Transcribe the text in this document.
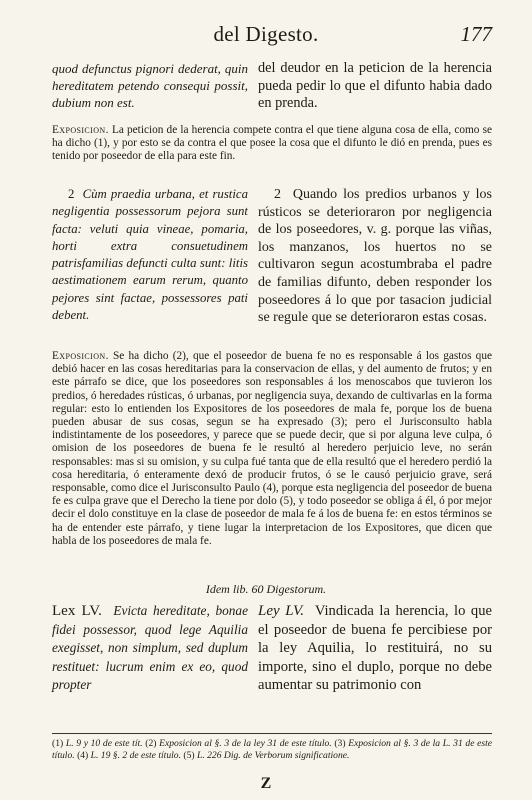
del Digesto.	177

quod defunctus pignori dederat, quin hereditatem petendo consequi possit, dubium non est.

del deudor en la peticion de la herencia pueda pedir lo que el difunto habia dado en prenda.

Exposicion. La peticion de la herencia compete contra el que tiene alguna cosa de ella, como se ha dicho (1), y por esto se da contra el que posee la cosa que el difunto le dió en prenda, pues es tenido por poseedor de ella para este fin.

2 Cùm praedia urbana, et rustica negligentia possessorum pejora sunt facta: veluti quia vineae, pomaria, horti extra consuetudinem patrisfamilias defuncti culta sunt: litis aestimationem earum rerum, quanto pejores sint factae, possessores pati debent.

2 Quando los predios urbanos y los rústicos se deterioraron por negligencia de los poseedores, v. g. porque las viñas, los manzanos, los huertos no se cultivaron segun acostumbraba el padre de familias difunto, deben responder los poseedores á lo que por tasacion judicial se regule que se deterioraron estas cosas.

Exposicion. Se ha dicho (2), que el poseedor de buena fe no es responsable á los gastos que debió hacer en las cosas hereditarias para la conservacion de ellas, y del aumento de frutos; y en este párrafo se dice, que los poseedores son responsables á los menoscabos que tuvieron los predios, ó heredades rústicas, ó urbanas, por negligencia suya, dexando de cultivarlas en la forma regular: esto lo entienden los Expositores de los poseedores de mala fe, porque los de buena pueden abusar de sus cosas, segun se ha expresado (3); pero el Jurisconsulto habla indistintamente de los poseedores, y parece que se puede decir, que si por alguna leve culpa, ó omision de los poseedores de buena fe le resultó al heredero perjuicio leve, no serán responsables: mas si su omision, y su culpa fué tanta que de ella resultó que el heredero perdió la cosa hereditaria, ó enteramente dexó de producir frutos, ó se le causó perjuicio grave, será responsable, como dice el Jurisconsulto Paulo (4), porque esta negligencia del poseedor de buena fe es culpa grave que el Derecho la tiene por dolo (5), y todo poseedor se obliga á él, ó por mejor decir el dolo constituye en la clase de poseedor de mala fe á los de buena fe: en estos términos se ha de entender este párrafo, y tiene lugar la interpretacion de los Expositores, que dicen que habla de los poseedores de mala fe.

Idem lib. 60 Digestorum.

Lex LV. Evicta hereditate, bonae fidei possessor, quod lege Aquilia exegisset, non simplum, sed duplum restituet: lucrum enim ex eo, quod propter

Ley LV. Vindicada la herencia, lo que el poseedor de buena fe percibiese por la ley Aquilia, lo restituirá, no su importe, sino el duplo, porque no debe aumentar su patrimonio con

(1) L. 9 y 10 de este tít. (2) Exposicion al §. 3 de la ley 31 de este título. (3) Exposicion al §. 3 de la L. 31 de este título. (4) L. 19 §. 2 de este título. (5) L. 226 Dig. de Verborum significatione.

Z
